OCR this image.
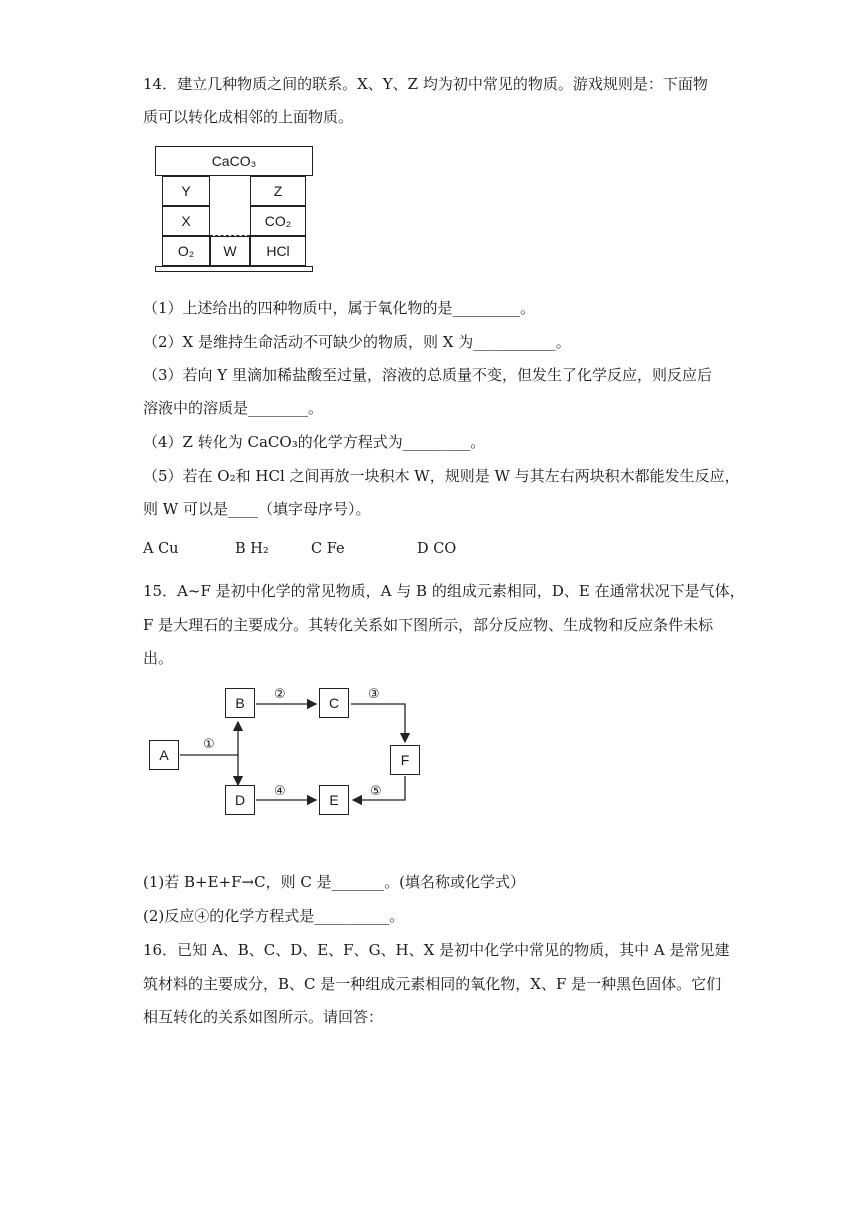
14．建立几种物质之间的联系。X、Y、Z 均为初中常见的物质。游戏规则是：下面物
质可以转化成相邻的上面物质。
CaCO₃
Y
X
O₂	W
Z
CO₂
HCl
（1）上述给出的四种物质中，属于氧化物的是_________。
（2）X 是维持生命活动不可缺少的物质，则 X 为___________。
（3）若向 Y 里滴加稀盐酸至过量，溶液的总质量不变，但发生了化学反应，则反应后
溶液中的溶质是________。
（4）Z 转化为 CaCO₃的化学方程式为_________。
（5）若在 O₂和 HCl 之间再放一块积木 W，规则是 W 与其左右两块积木都能发生反应，
则 W 可以是____（填字母序号）。
A Cu	B H₂	C Fe	D CO
15．A~F 是初中化学的常见物质，A 与 B 的组成元素相同，D、E 在通常状况下是气体，
F 是大理石的主要成分。其转化关系如下图所示，部分反应物、生成物和反应条件未标
出。
A
B	C
F
D	E
①
②	③
④	⑤
(1)若 B+E+F→C，则 C 是_______。(填名称或化学式）
(2)反应④的化学方程式是__________。
16．已知 A、B、C、D、E、F、G、H、X 是初中化学中常见的物质，其中 A 是常见建
筑材料的主要成分，B、C 是一种组成元素相同的氧化物，X、F 是一种黑色固体。它们
相互转化的关系如图所示。请回答：
